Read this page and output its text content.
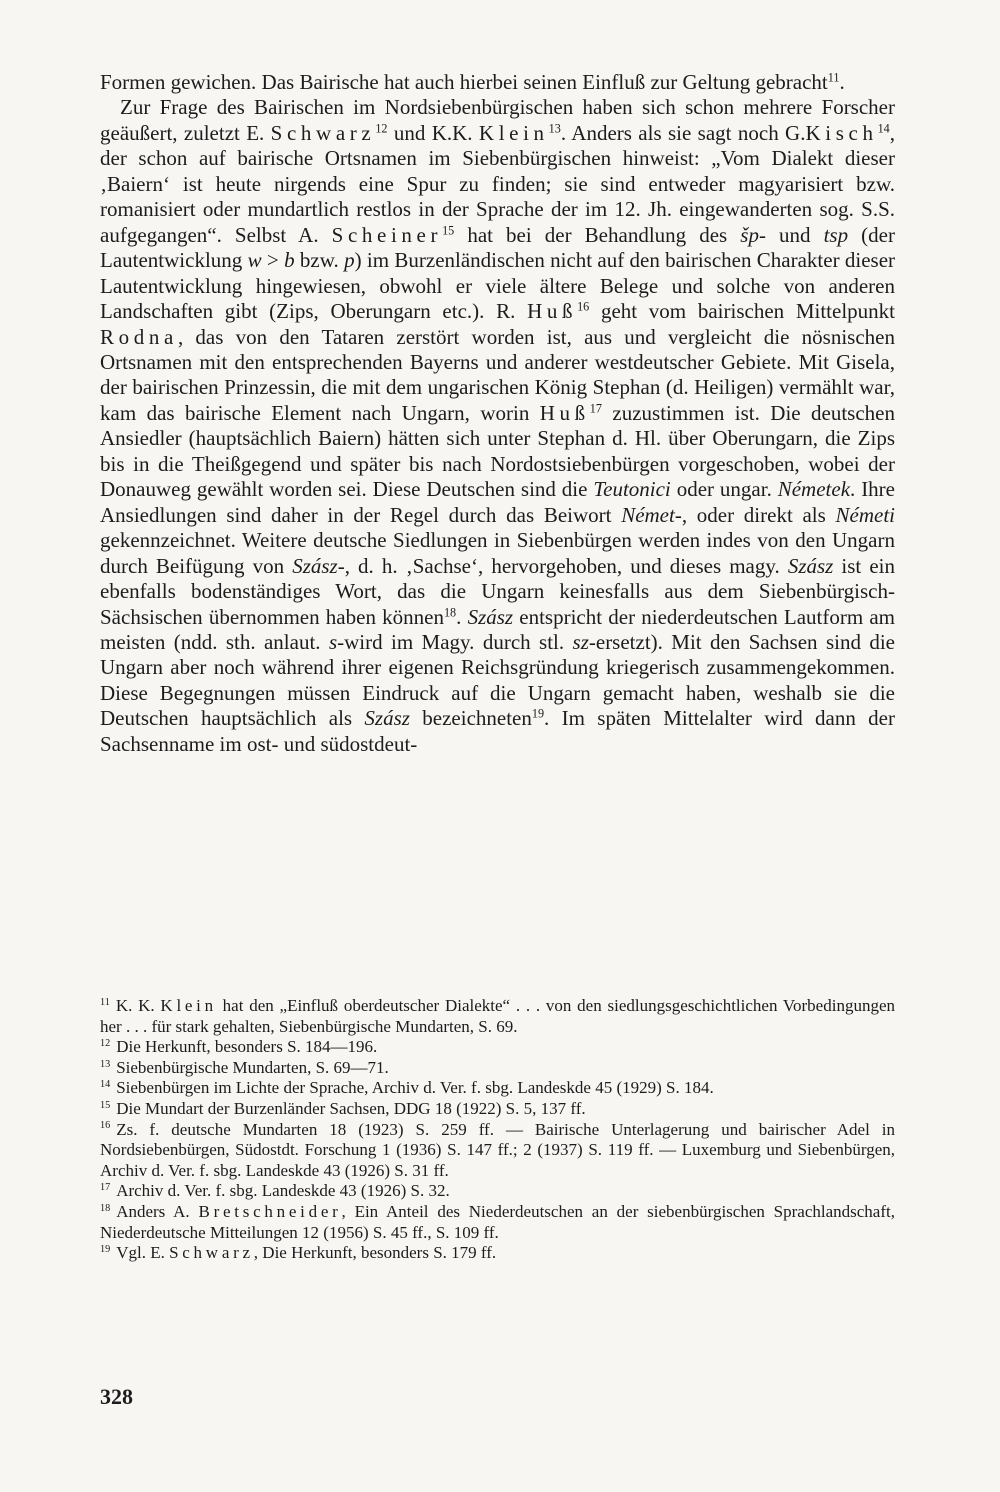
Formen gewichen. Das Bairische hat auch hierbei seinen Einfluß zur Geltung gebracht$^{11}$.

Zur Frage des Bairischen im Nordsiebenbürgischen haben sich schon mehrere Forscher geäußert, zuletzt E. Schwarz$^{12}$ und K.K. Klein$^{13}$. Anders als sie sagt noch G.Kisch$^{14}$, der schon auf bairische Ortsnamen im Siebenbürgischen hinweist: „Vom Dialekt dieser ‚Baiern‘ ist heute nirgends eine Spur zu finden; sie sind entweder magyarisiert bzw. romanisiert oder mundartlich restlos in der Sprache der im 12. Jh. eingewanderten sog. S.S. aufgegangen“. Selbst A. Scheiner$^{15}$ hat bei der Behandlung des šp- und tsp (der Lautentwicklung w > b bzw. p) im Burzenländischen nicht auf den bairischen Charakter dieser Lautentwicklung hingewiesen, obwohl er viele ältere Belege und solche von anderen Landschaften gibt (Zips, Oberungarn etc.). R. Huß$^{16}$ geht vom bairischen Mittelpunkt Rodna, das von den Tataren zerstört worden ist, aus und vergleicht die nösnischen Ortsnamen mit den entsprechenden Bayerns und anderer westdeutscher Gebiete. Mit Gisela, der bairischen Prinzessin, die mit dem ungarischen König Stephan (d. Heiligen) vermählt war, kam das bairische Element nach Ungarn, worin Huß$^{17}$ zuzustimmen ist. Die deutschen Ansiedler (hauptsächlich Baiern) hätten sich unter Stephan d. Hl. über Oberungarn, die Zips bis in die Theißgegend und später bis nach Nordostsiebenbürgen vorgeschoben, wobei der Donauweg gewählt worden sei. Diese Deutschen sind die Teutonici oder ungar. Németek. Ihre Ansiedlungen sind daher in der Regel durch das Beiwort Német-, oder direkt als Németi gekennzeichnet. Weitere deutsche Siedlungen in Siebenbürgen werden indes von den Ungarn durch Beifügung von Szász-, d. h. ‚Sachse‘, hervorgehoben, und dieses magy. Szász ist ein ebenfalls bodenständiges Wort, das die Ungarn keinesfalls aus dem Siebenbürgisch-Sächsischen übernommen haben können$^{18}$. Szász entspricht der niederdeutschen Lautform am meisten (ndd. sth. anlaut. s-wird im Magy. durch stl. sz-ersetzt). Mit den Sachsen sind die Ungarn aber noch während ihrer eigenen Reichsgründung kriegerisch zusammengekommen. Diese Begegnungen müssen Eindruck auf die Ungarn gemacht haben, weshalb sie die Deutschen hauptsächlich als Szász bezeichneten$^{19}$. Im späten Mittelalter wird dann der Sachsenname im ost- und südostdeut-

$^{11}$ K. K. Klein hat den „Einfluß oberdeutscher Dialekte“ . . . von den siedlungsgeschichtlichen Vorbedingungen her . . . für stark gehalten, Siebenbürgische Mundarten, S. 69.

$^{12}$ Die Herkunft, besonders S. 184—196.

$^{13}$ Siebenbürgische Mundarten, S. 69—71.

$^{14}$ Siebenbürgen im Lichte der Sprache, Archiv d. Ver. f. sbg. Landeskde 45 (1929) S. 184.

$^{15}$ Die Mundart der Burzenländer Sachsen, DDG 18 (1922) S. 5, 137 ff.

$^{16}$ Zs. f. deutsche Mundarten 18 (1923) S. 259 ff. — Bairische Unterlagerung und bairischer Adel in Nordsiebenbürgen, Südostdt. Forschung 1 (1936) S. 147 ff.; 2 (1937) S. 119 ff. — Luxemburg und Siebenbürgen, Archiv d. Ver. f. sbg. Landeskde 43 (1926) S. 31 ff.

$^{17}$ Archiv d. Ver. f. sbg. Landeskde 43 (1926) S. 32.

$^{18}$ Anders A. Bretschneider, Ein Anteil des Niederdeutschen an der siebenbürgischen Sprachlandschaft, Niederdeutsche Mitteilungen 12 (1956) S. 45 ff., S. 109 ff.

$^{19}$ Vgl. E. Schwarz, Die Herkunft, besonders S. 179 ff.

328
